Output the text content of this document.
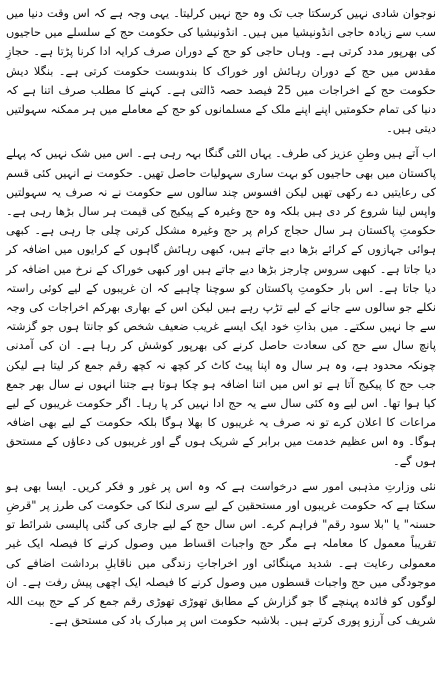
نوجوان شادی نہیں کرسکتا جب تک وہ حج نہیں کرلیتا۔ یہی وجہ ہے کہ اس وقت دنیا میں سب سے زیادہ حاجی انڈونیشیا میں ہیں۔ انڈونیشیا کی حکومت حج کے سلسلے میں حاجیوں کی بھرپور مدد کرتی ہے۔ وہاں حاجی کو حج کے دوران صرف کرایہ ادا کرنا پڑتا ہے۔ حجازِ مقدس میں حج کے دوران رہائش اور خوراک کا بندوبست حکومت کرتی ہے۔ بنگلا دیش حکومت حج کے اخراجات میں 25 فیصد حصہ ڈالتی ہے۔ کہنے کا مطلب صرف اتنا ہے کہ دنیا کی تمام حکومتیں اپنے اپنے ملک کے مسلمانوں کو حج کے معاملے میں ہر ممکنہ سہولتیں دیتی ہیں۔

اب آتے ہیں وطنِ عزیز کی طرف۔ یہاں الٹی گنگا بہہ رہی ہے۔ اس میں شک نہیں کہ پہلے پاکستان میں بھی حاجیوں کو بہت ساری سہولیات حاصل تھیں۔ حکومت نے انہیں کئی قسم کی رعایتیں دے رکھی تھیں لیکن افسوس چند سالوں سے حکومت نے نہ صرف یہ سہولتیں واپس لینا شروع کر دی ہیں بلکہ وہ حج وغیرہ کے پیکیج کی قیمت ہر سال بڑھا رہی ہے۔ حکومتِ پاکستان ہر سال حجاج کرام پر حج وغیرہ مشکل کرتی چلی جا رہی ہے۔ کبھی ہوائی جہازوں کے کرائے بڑھا دیے جاتے ہیں، کبھی رہائش گاہوں کے کرایوں میں اضافہ کر دیا جاتا ہے۔ کبھی سروس چارجز بڑھا دیے جاتے ہیں اور کبھی خوراک کے نرخ میں اضافہ کر دیا جاتا ہے۔ اس بار حکومتِ پاکستان کو سوچنا چاہیے کہ ان غریبوں کے لیے کوئی راستہ نکلے جو سالوں سے جانے کے لیے تڑپ رہے ہیں لیکن اس کے بھاری بھرکم اخراجات کی وجہ سے جا نہیں سکتے۔ میں بذاتِ خود ایک ایسے غریب ضعیف شخص کو جانتا ہوں جو گزشتہ پانچ سال سے حج کی سعادت حاصل کرنے کی بھرپور کوشش کر رہا ہے۔ ان کی آمدنی چونکہ محدود ہے، وہ ہر سال وہ اپنا پیٹ کاٹ کر کچھ نہ کچھ رقم جمع کر لیتا ہے لیکن جب حج کا پیکیج آتا ہے تو اس میں اتنا اضافہ ہو چکا ہوتا ہے جتنا انہوں نے سال بھر جمع کیا ہوا تھا۔ اس لیے وہ کئی سال سے یہ حج ادا نہیں کر پا رہا۔ اگر حکومت غریبوں کے لیے مراعات کا اعلان کرے تو نہ صرف یہ غریبوں کا بھلا ہوگا بلکہ حکومت کے لیے بھی اضافہ ہوگا۔ وہ اس عظیم خدمت میں برابر کے شریک ہوں گے اور غریبوں کی دعاؤں کے مستحق ہوں گے۔

نئی وزارتِ مذہبی امور سے درخواست ہے کہ وہ اس پر غور و فکر کریں۔ ایسا بھی ہو سکتا ہے کہ حکومت غریبوں اور مستحقین کے لیے سری لنکا کی حکومت کی طرز پر "قرضِ حسنہ" یا "بلا سود رقم" فراہم کرے۔ اس سال حج کے لیے جاری کی گئی پالیسی شرائط تو تقریباً معمول کا معاملہ ہے مگر حج واجبات اقساط میں وصول کرنے کا فیصلہ ایک غیر معمولی رعایت ہے۔ شدید مہنگائی اور اخراجاتِ زندگی میں ناقابلِ برداشت اضافے کی موجودگی میں حج واجبات قسطوں میں وصول کرنے کا فیصلہ ایک اچھی پیش رفت ہے۔ ان لوگوں کو فائدہ پہنچے گا جو گزارش کے مطابق تھوڑی تھوڑی رقم جمع کر کے حج بیت اللہ شریف کی آرزو پوری کرتے ہیں۔ بلاشبہ حکومت اس پر مبارک باد کی مستحق ہے۔
